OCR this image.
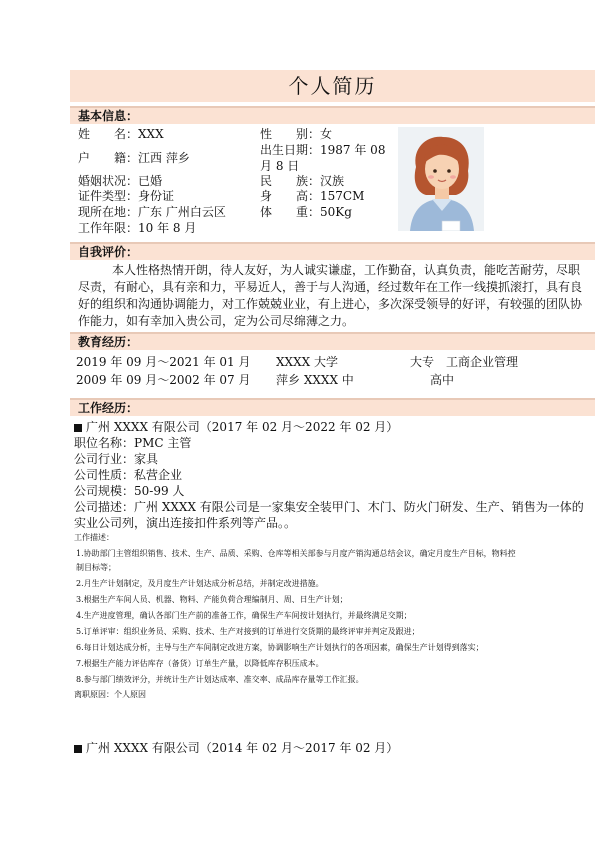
个人简历
基本信息：
姓　　名：XXX	性　　别：女
户　　籍：江西 萍乡
出生日期：1987 年 08
月 8 日
婚姻状况：已婚	民　　族：汉族
证件类型：身份证	身　　高：157CM
现所在地：广东 广州白云区	体　　重：50Kg
工作年限：10 年 8 月
自我评价：
本人性格热情开朗，待人友好，为人诚实谦虚，工作勤奋，认真负责，能吃苦耐劳，尽职
尽责，有耐心，具有亲和力，平易近人，善于与人沟通，经过数年在工作一线摸抓滚打，具有良
好的组织和沟通协调能力，对工作兢兢业业，有上进心，多次深受领导的好评，有较强的团队协
作能力，如有幸加入贵公司，定为公司尽绵薄之力。
教育经历：
2019 年 09 月～2021 年 01 月 XXXX 大学	大专 工商企业管理
2009 年 09 月～2002 年 07 月 萍乡 XXXX 中	高中
工作经历：
广州 XXXX 有限公司（2017 年 02 月～2022 年 02 月）
职位名称：PMC 主管
公司行业：家具
公司性质：私营企业
公司规模：50-99 人
公司描述：广州 XXXX 有限公司是一家集安全装甲门、木门、防火门研发、生产、销售为一体的
实业公司列，演出连接扣件系列等产品。。
工作描述：
1.协助部门主管组织销售、技术、生产、品质、采购、仓库等相关部参与月度产销沟通总结会议，确定月度生产目标，物料控
制目标等；
2.月生产计划制定，及月度生产计划达成分析总结，并制定改进措施。
3.根据生产车间人员、机器、物料、产能负荷合理编制月、周、日生产计划；
4.生产进度管理，确认各部门生产前的准备工作，确保生产车间按计划执行，并最终满足交期；
5.订单评审：组织业务员、采购、技术、生产对接到的订单进行交货期的最终评审并判定及跟进；
6.每日计划达成分析，主导与生产车间制定改进方案，协调影响生产计划执行的各项因素，确保生产计划得到落实；
7.根据生产能力评估库存（备货）订单生产量，以降低库存积压成本。
8.参与部门绩效评分，并统计生产计划达成率、准交率、成品库存量等工作汇报。
离职原因：个人原因
广州 XXXX 有限公司（2014 年 02 月～2017 年 02 月）
